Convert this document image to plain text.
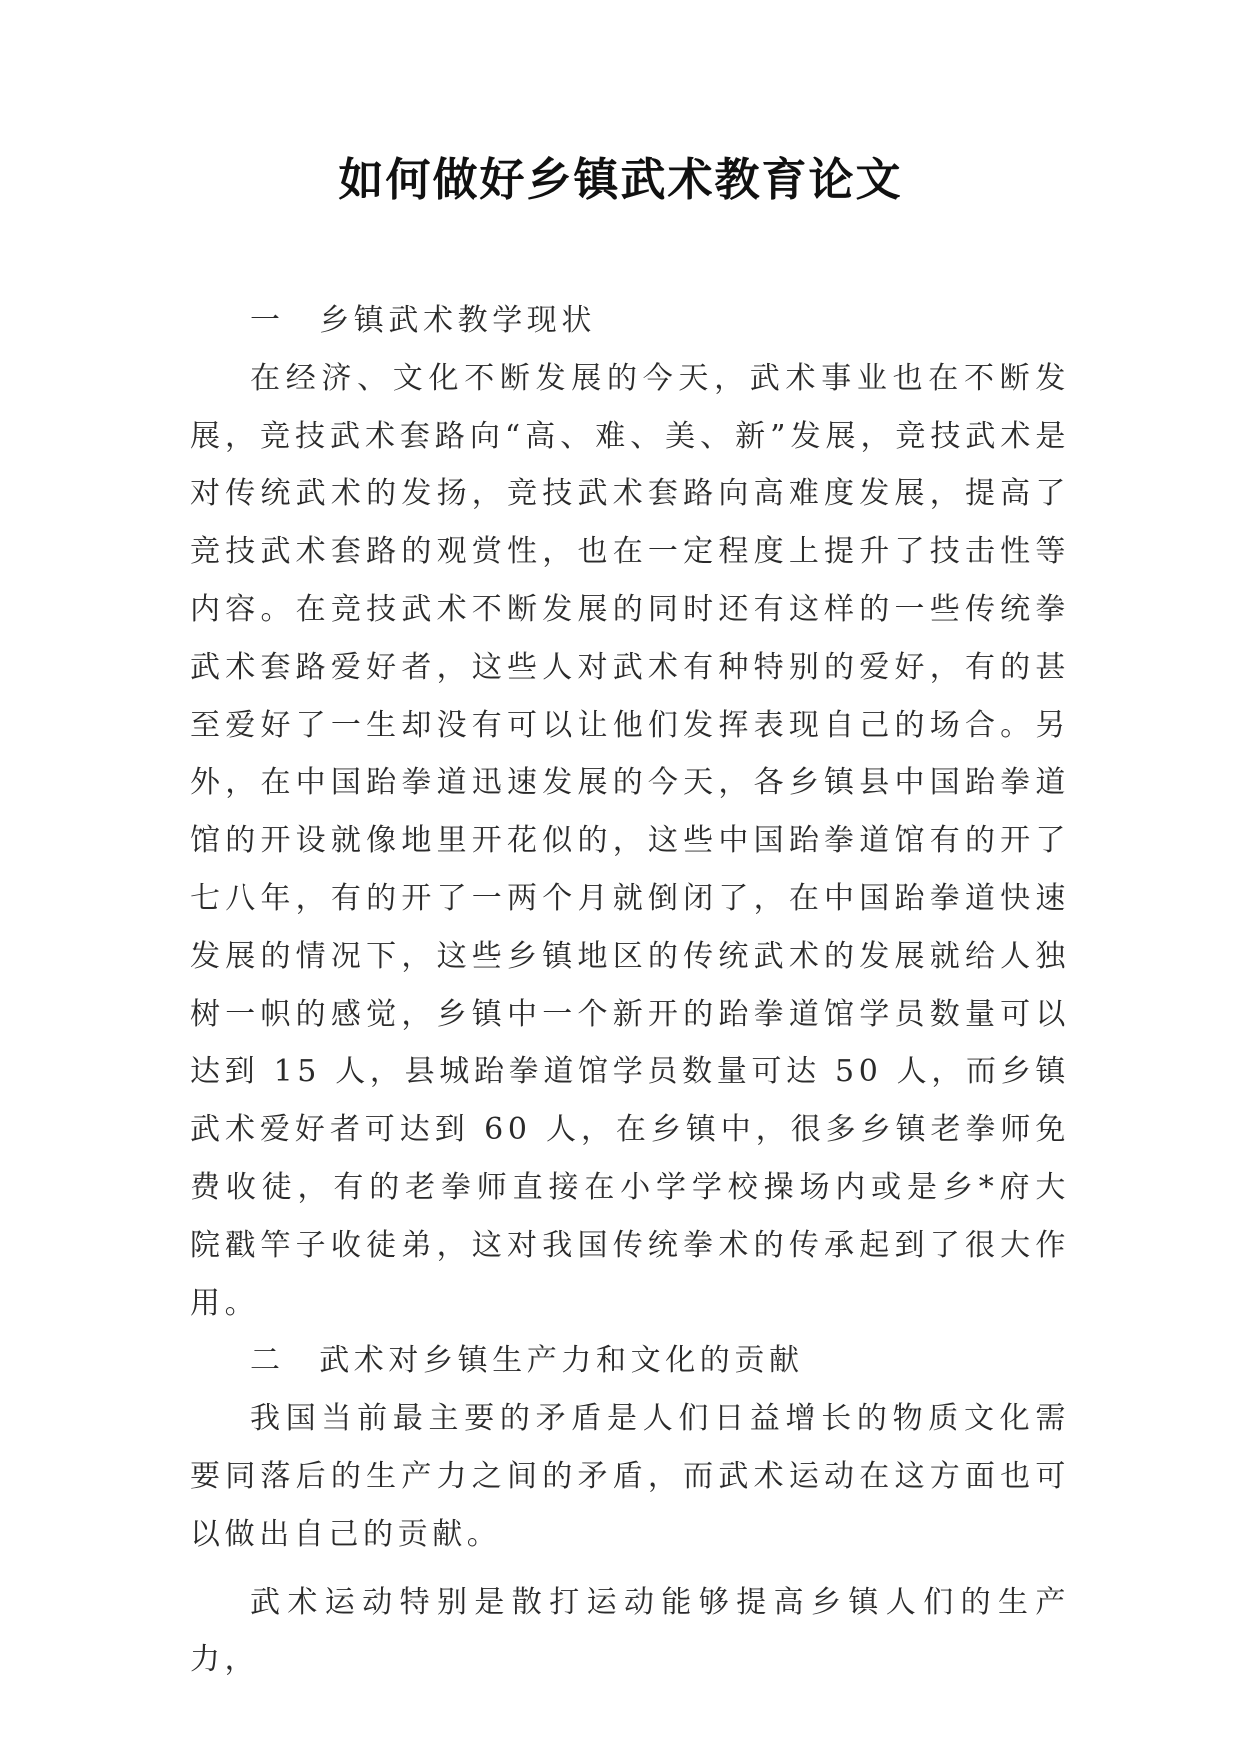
如何做好乡镇武术教育论文

一　乡镇武术教学现状

在经济、文化不断发展的今天，武术事业也在不断发展，竞技武术套路向“高、难、美、新”发展，竞技武术是对传统武术的发扬，竞技武术套路向高难度发展，提高了竞技武术套路的观赏性，也在一定程度上提升了技击性等内容。在竞技武术不断发展的同时还有这样的一些传统拳武术套路爱好者，这些人对武术有种特别的爱好，有的甚至爱好了一生却没有可以让他们发挥表现自己的场合。另外，在中国跆拳道迅速发展的今天，各乡镇县中国跆拳道馆的开设就像地里开花似的，这些中国跆拳道馆有的开了七八年，有的开了一两个月就倒闭了，在中国跆拳道快速发展的情况下，这些乡镇地区的传统武术的发展就给人独树一帜的感觉，乡镇中一个新开的跆拳道馆学员数量可以达到 15 人，县城跆拳道馆学员数量可达 50 人，而乡镇武术爱好者可达到 60 人，在乡镇中，很多乡镇老拳师免费收徒，有的老拳师直接在小学学校操场内或是乡*府大院戳竿子收徒弟，这对我国传统拳术的传承起到了很大作用。

二　武术对乡镇生产力和文化的贡献

我国当前最主要的矛盾是人们日益增长的物质文化需要同落后的生产力之间的矛盾，而武术运动在这方面也可以做出自己的贡献。

武术运动特别是散打运动能够提高乡镇人们的生产力，
